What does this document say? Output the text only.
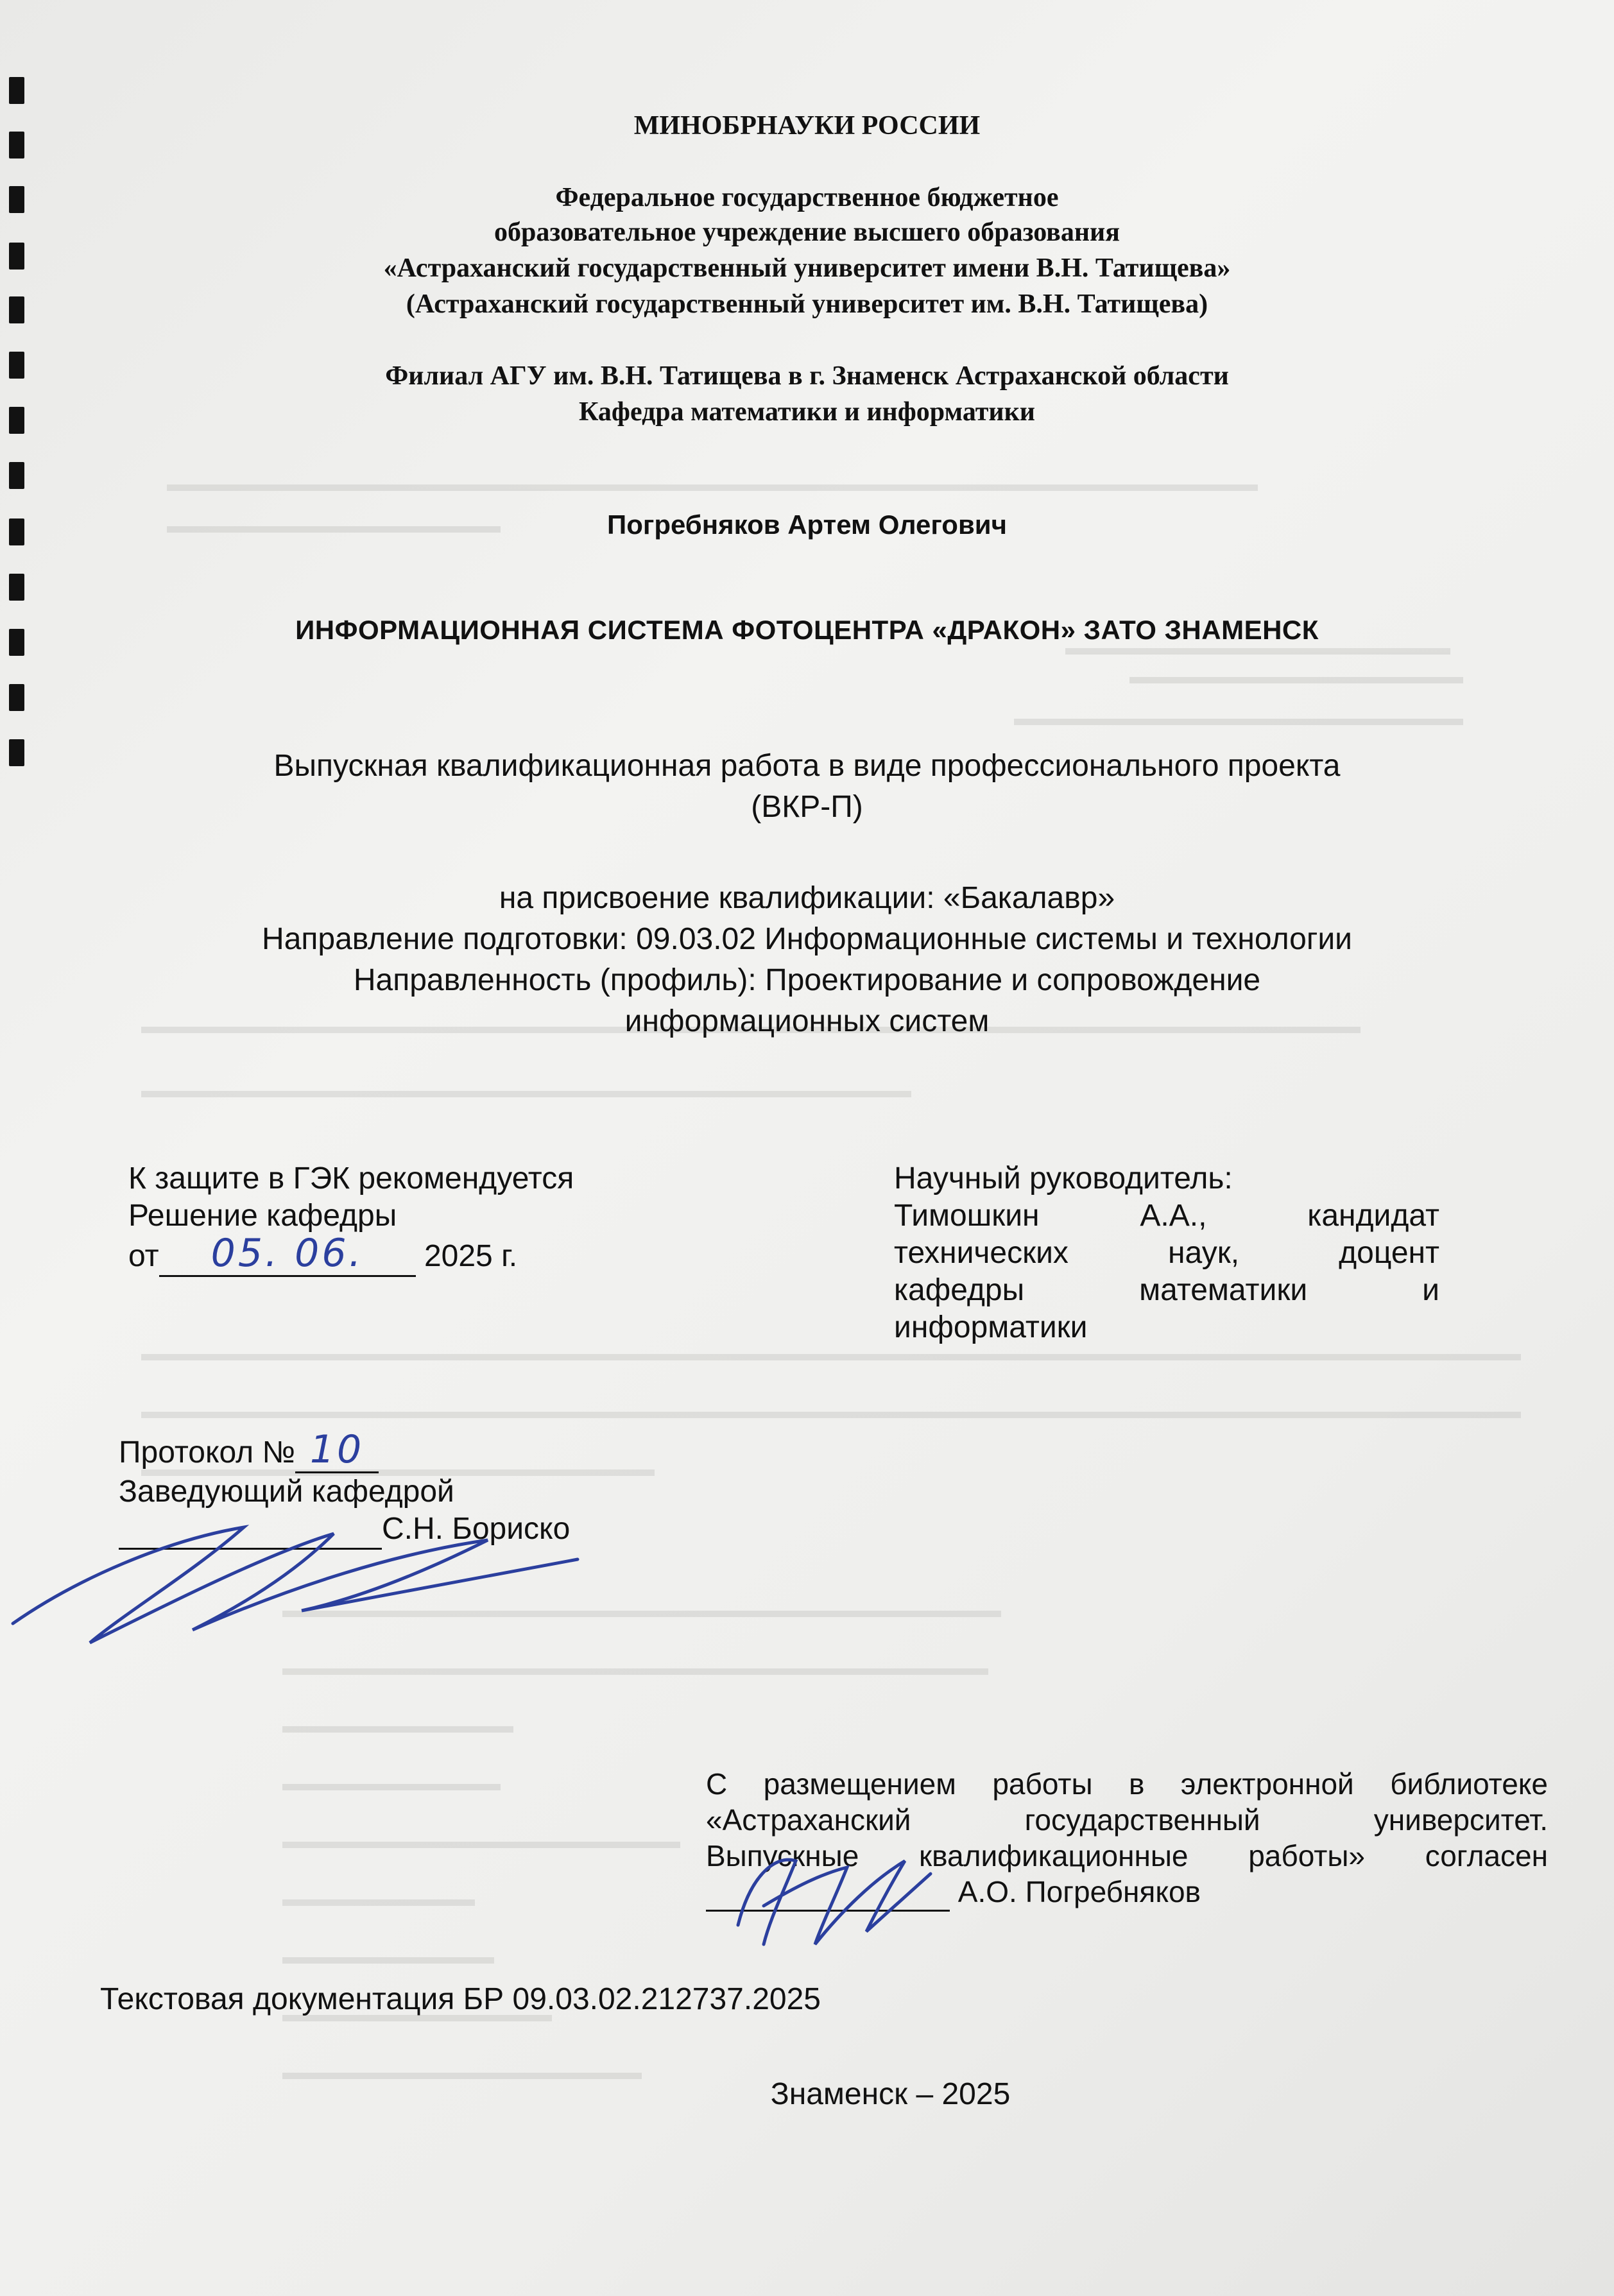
МИНОБРНАУКИ РОССИИ
Федеральное государственное бюджетное
образовательное учреждение высшего образования
«Астраханский государственный университет имени В.Н. Татищева»
(Астраханский государственный университет им. В.Н. Татищева)
Филиал АГУ им. В.Н. Татищева в г. Знаменск Астраханской области
Кафедра математики и информатики
Погребняков Артем Олегович
ИНФОРМАЦИОННАЯ СИСТЕМА ФОТОЦЕНТРА «ДРАКОН» ЗАТО ЗНАМЕНСК
Выпускная квалификационная работа в виде профессионального проекта
(ВКР-П)
на присвоение квалификации: «Бакалавр»
Направление подготовки: 09.03.02 Информационные системы и технологии
Направленность (профиль): Проектирование и сопровождение
информационных систем
К защите в ГЭК рекомендуется
Решение кафедры
от 05. 06. 2025 г.
Протокол № 10
Заведующий кафедрой
С.Н. Бориско
Научный руководитель:
Тимошкин А.А., кандидат
технических наук, доцент
кафедры математики и
информатики
С размещением работы в электронной библиотеке
«Астраханский государственный университет.
Выпускные квалификационные работы» согласен
А.О. Погребняков
Текстовая документация БР 09.03.02.212737.2025
Знаменск – 2025
